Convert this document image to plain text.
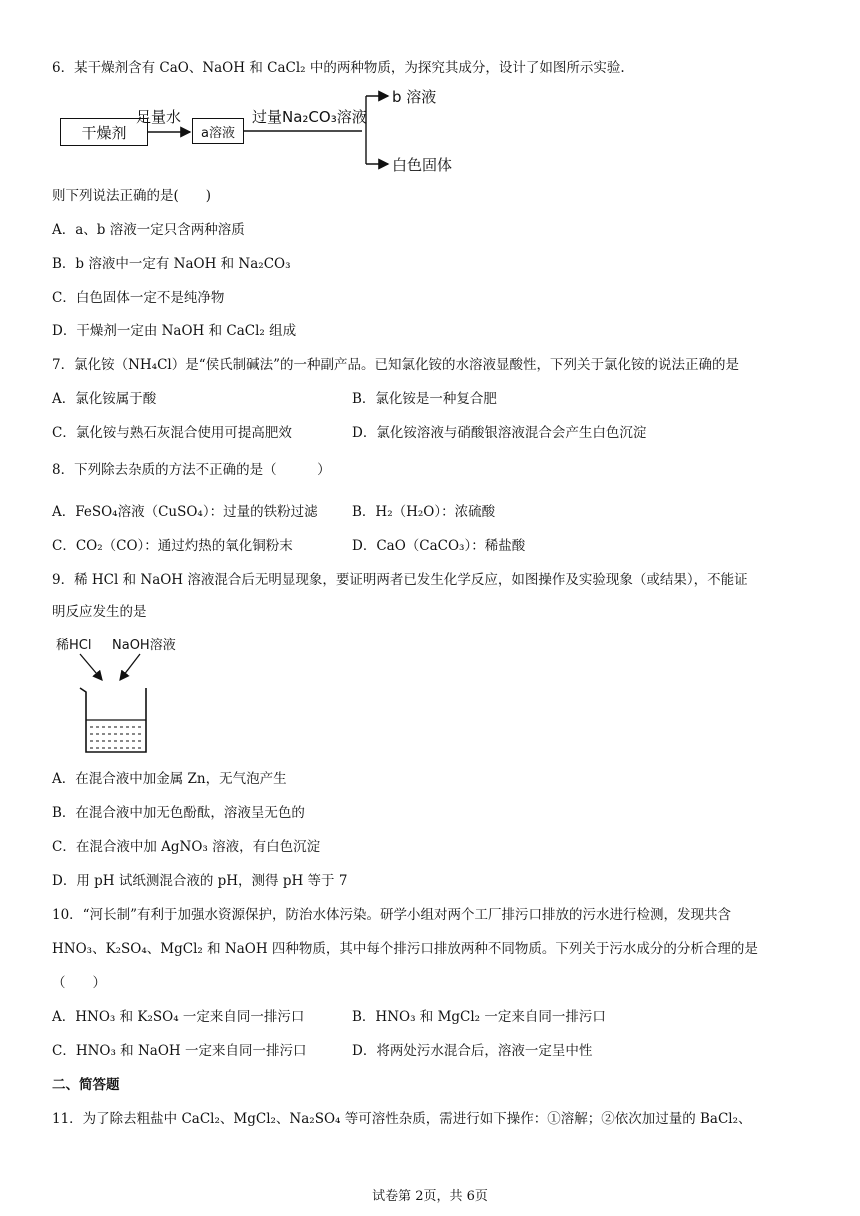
6．某干燥剂含有 CaO、NaOH 和 CaCl₂ 中的两种物质，为探究其成分，设计了如图所示实验.
干燥剂
足量水
a溶液
过量Na₂CO₃溶液
b 溶液
白色固体
则下列说法正确的是(　　)
A．a、b 溶液一定只含两种溶质
B．b 溶液中一定有 NaOH 和 Na₂CO₃
C．白色固体一定不是纯净物
D．干燥剂一定由 NaOH 和 CaCl₂ 组成
7．氯化铵（NH₄Cl）是“侯氏制碱法”的一种副产品。已知氯化铵的水溶液显酸性，下列关于氯化铵的说法正确的是
A．氯化铵属于酸	B．氯化铵是一种复合肥
C．氯化铵与熟石灰混合使用可提高肥效	D．氯化铵溶液与硝酸银溶液混合会产生白色沉淀
8．下列除去杂质的方法不正确的是（　　　）
A．FeSO₄溶液（CuSO₄）：过量的铁粉过滤	B．H₂（H₂O）：浓硫酸
C．CO₂（CO）：通过灼热的氧化铜粉末	D．CaO（CaCO₃）：稀盐酸
9．稀 HCl 和 NaOH 溶液混合后无明显现象，要证明两者已发生化学反应，如图操作及实验现象（或结果），不能证
明反应发生的是
稀HCl NaOH溶液
A．在混合液中加金属 Zn，无气泡产生
B．在混合液中加无色酚酞，溶液呈无色的
C．在混合液中加 AgNO₃ 溶液，有白色沉淀
D．用 pH 试纸测混合液的 pH，测得 pH 等于 7
10．“河长制”有利于加强水资源保护，防治水体污染。研学小组对两个工厂排污口排放的污水进行检测，发现共含
HNO₃、K₂SO₄、MgCl₂ 和 NaOH 四种物质，其中每个排污口排放两种不同物质。下列关于污水成分的分析合理的是
（　　）
A．HNO₃ 和 K₂SO₄ 一定来自同一排污口	B．HNO₃ 和 MgCl₂ 一定来自同一排污口
C．HNO₃ 和 NaOH 一定来自同一排污口	D．将两处污水混合后，溶液一定呈中性
二、简答题
11．为了除去粗盐中 CaCl₂、MgCl₂、Na₂SO₄ 等可溶性杂质，需进行如下操作：①溶解；②依次加过量的 BaCl₂、
试卷第 2页，共 6页
